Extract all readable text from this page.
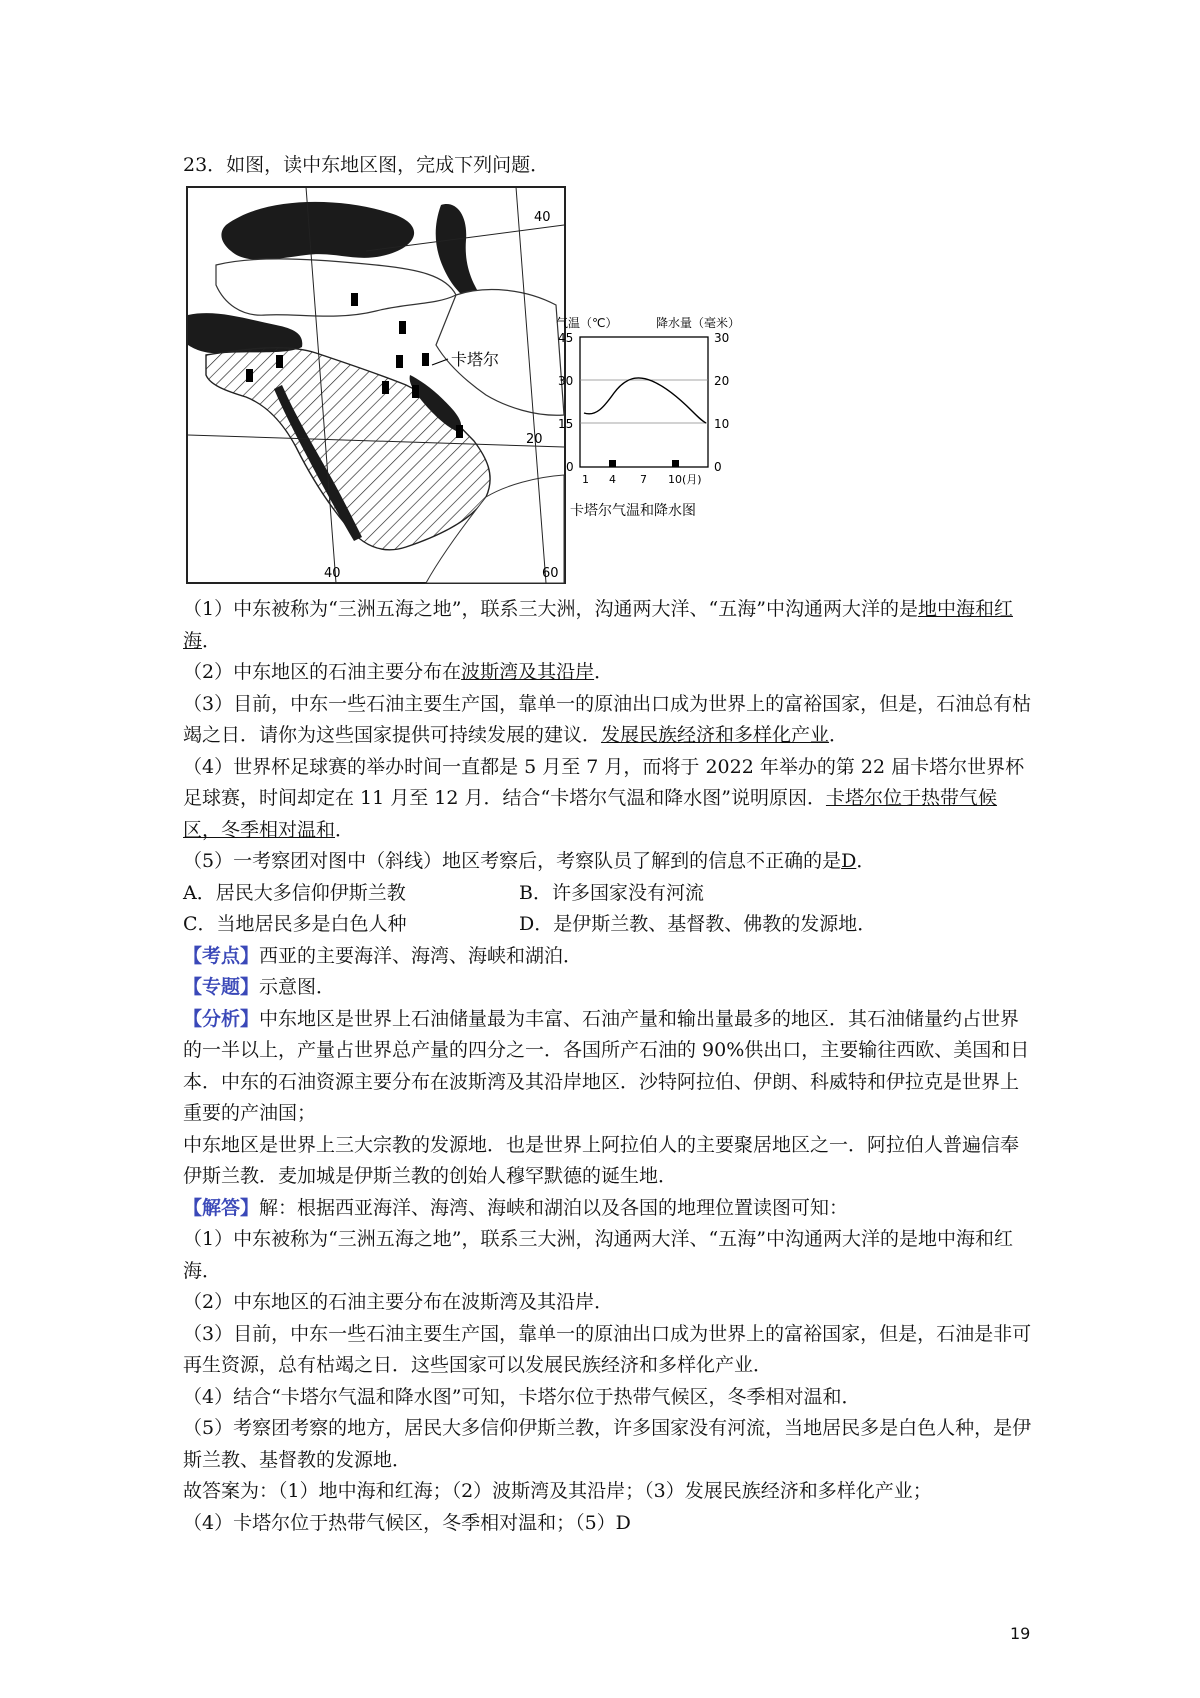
23．如图，读中东地区图，完成下列问题．
卡塔尔
40
20
40	60
气温（℃）	降水量（毫米）
45
30
15
0
30
20
10
0
1 4 7 10(月)
卡塔尔气温和降水图

（1）中东被称为“三洲五海之地”，联系三大洲，沟通两大洋、“五海”中沟通两大洋的是地中海和红海．

（2）中东地区的石油主要分布在波斯湾及其沿岸．

（3）目前，中东一些石油主要生产国，靠单一的原油出口成为世界上的富裕国家，但是，石油总有枯竭之日．请你为这些国家提供可持续发展的建议．发展民族经济和多样化产业．

（4）世界杯足球赛的举办时间一直都是 5 月至 7 月，而将于 2022 年举办的第 22 届卡塔尔世界杯足球赛，时间却定在 11 月至 12 月．结合“卡塔尔气温和降水图”说明原因．卡塔尔位于热带气候区，冬季相对温和．

（5）一考察团对图中（斜线）地区考察后，考察队员了解到的信息不正确的是D．

A．居民大多信仰伊斯兰教	B．许多国家没有河流

C．当地居民多是白色人种	D．是伊斯兰教、基督教、佛教的发源地．

【考点】西亚的主要海洋、海湾、海峡和湖泊．

【专题】示意图．

【分析】中东地区是世界上石油储量最为丰富、石油产量和输出量最多的地区．其石油储量约占世界的一半以上，产量占世界总产量的四分之一．各国所产石油的 90%供出口，主要输往西欧、美国和日本．中东的石油资源主要分布在波斯湾及其沿岸地区．沙特阿拉伯、伊朗、科威特和伊拉克是世界上重要的产油国；

中东地区是世界上三大宗教的发源地．也是世界上阿拉伯人的主要聚居地区之一．阿拉伯人普遍信奉伊斯兰教．麦加城是伊斯兰教的创始人穆罕默德的诞生地．

【解答】解：根据西亚海洋、海湾、海峡和湖泊以及各国的地理位置读图可知：

（1）中东被称为“三洲五海之地”，联系三大洲，沟通两大洋、“五海”中沟通两大洋的是地中海和红海．

（2）中东地区的石油主要分布在波斯湾及其沿岸．

（3）目前，中东一些石油主要生产国，靠单一的原油出口成为世界上的富裕国家，但是，石油是非可再生资源，总有枯竭之日．这些国家可以发展民族经济和多样化产业．

（4）结合“卡塔尔气温和降水图”可知，卡塔尔位于热带气候区，冬季相对温和．

（5）考察团考察的地方，居民大多信仰伊斯兰教，许多国家没有河流，当地居民多是白色人种，是伊斯兰教、基督教的发源地．

故答案为：（1）地中海和红海；（2）波斯湾及其沿岸；（3）发展民族经济和多样化产业；

（4）卡塔尔位于热带气候区，冬季相对温和；（5）D

19
